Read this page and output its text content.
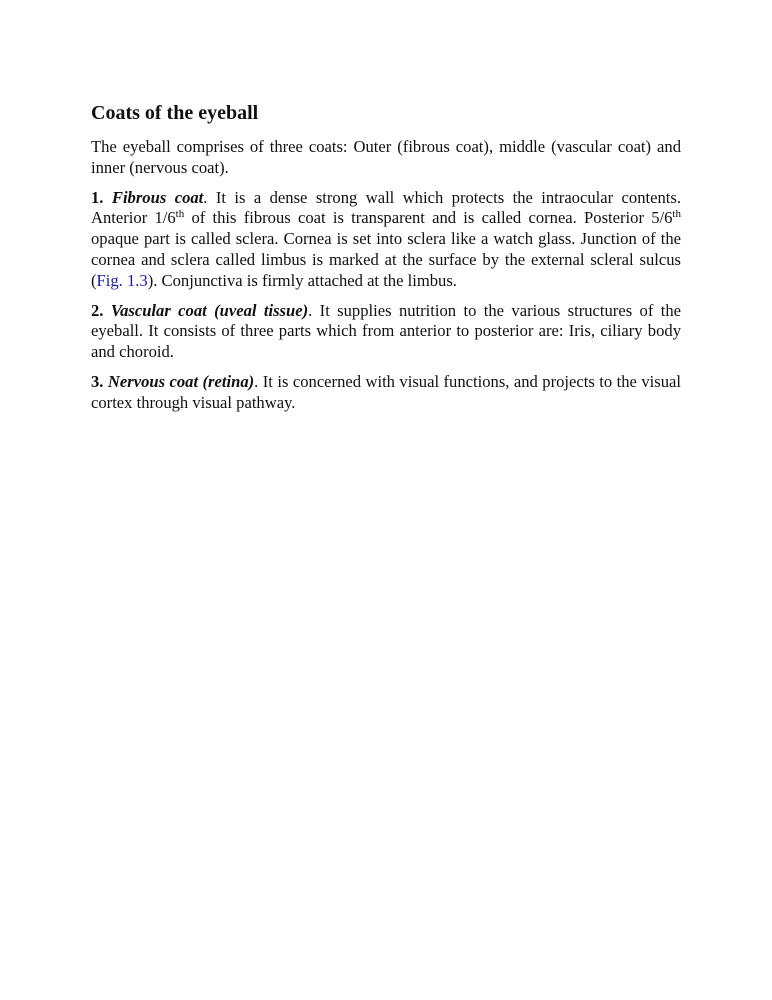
Coats of the eyeball

The eyeball comprises of three coats: Outer (fibrous coat), middle (vascular coat) and inner (nervous coat).

1. Fibrous coat. It is a dense strong wall which protects the intraocular contents. Anterior 1/6th of this fibrous coat is transparent and is called cornea. Posterior 5/6th opaque part is called sclera. Cornea is set into sclera like a watch glass. Junction of the cornea and sclera called limbus is marked at the surface by the external scleral sulcus (Fig. 1.3). Conjunctiva is firmly attached at the limbus.

2. Vascular coat (uveal tissue). It supplies nutrition to the various structures of the eyeball. It consists of three parts which from anterior to posterior are: Iris, ciliary body and choroid.

3. Nervous coat (retina). It is concerned with visual functions, and projects to the visual cortex through visual pathway.
